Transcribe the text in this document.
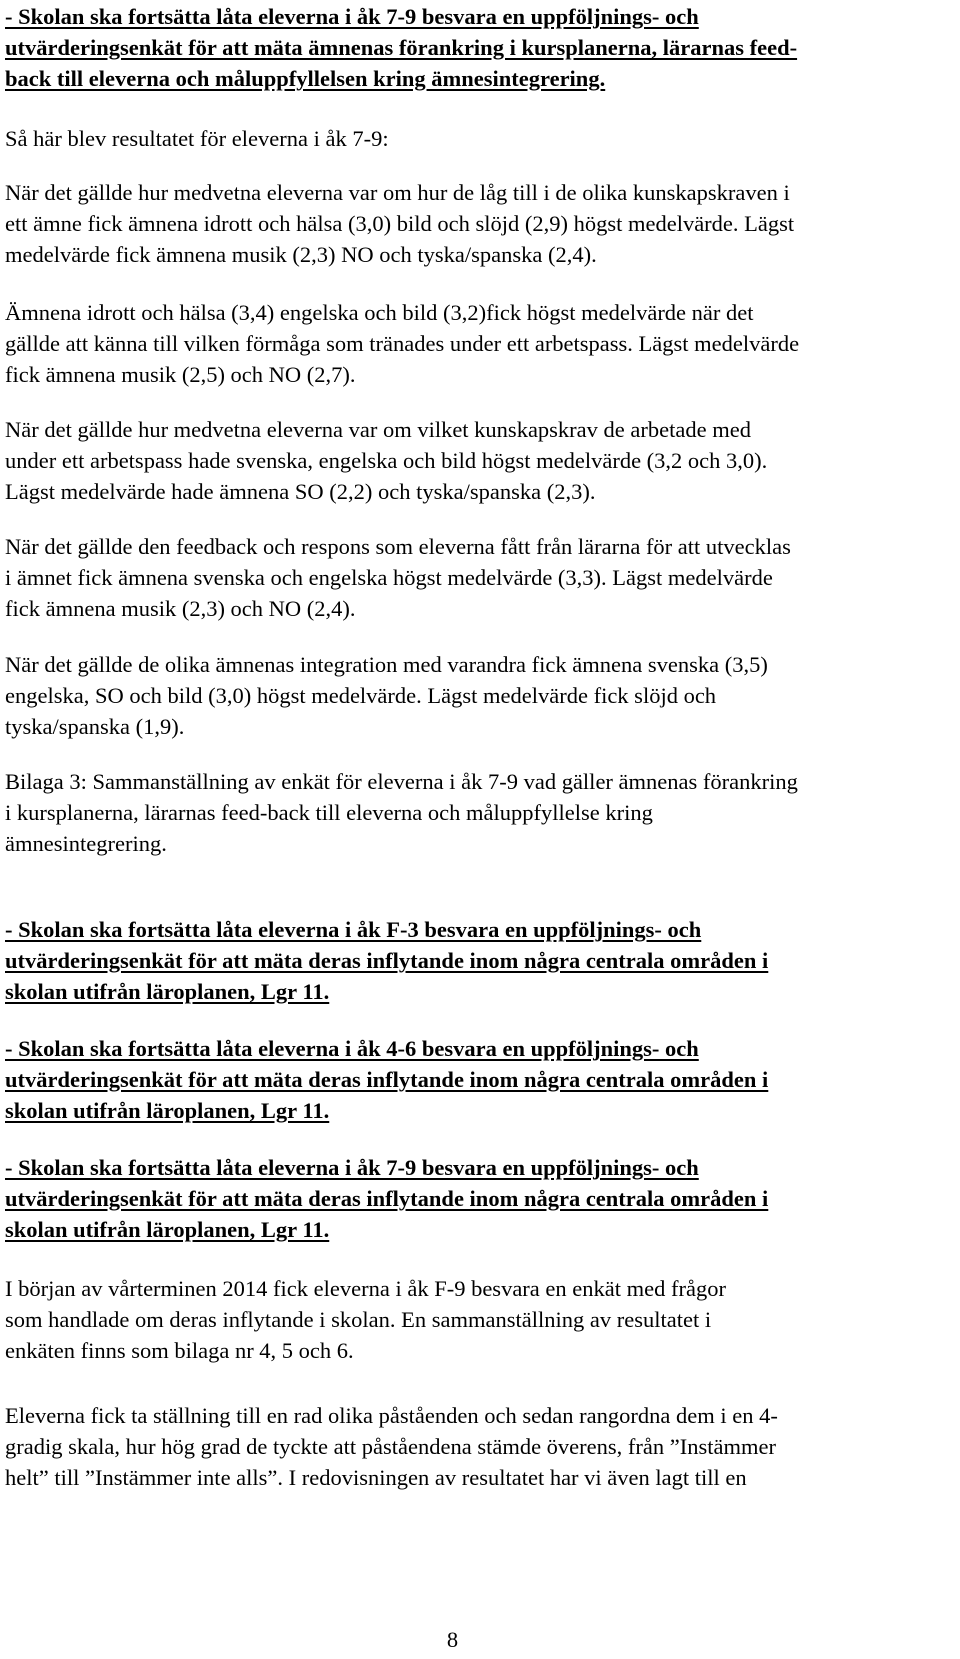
- Skolan ska fortsätta låta eleverna i åk 7-9 besvara en uppföljnings- och
utvärderingsenkät för att mäta ämnenas förankring i kursplanerna, lärarnas feed-
back till eleverna och måluppfyllelsen kring ämnesintegrering.
Så här blev resultatet för eleverna i åk 7-9:
När det gällde hur medvetna eleverna var om hur de låg till i de olika kunskapskraven i
ett ämne fick ämnena idrott och hälsa (3,0) bild och slöjd (2,9) högst medelvärde. Lägst
medelvärde fick ämnena musik (2,3) NO och tyska/spanska (2,4).
Ämnena idrott och hälsa (3,4) engelska och bild (3,2)fick högst medelvärde när det
gällde att känna till vilken förmåga som tränades under ett arbetspass. Lägst medelvärde
fick ämnena musik (2,5) och NO (2,7).
När det gällde hur medvetna eleverna var om vilket kunskapskrav de arbetade med
under ett arbetspass hade svenska, engelska och bild högst medelvärde (3,2 och 3,0).
Lägst medelvärde hade ämnena SO (2,2) och tyska/spanska (2,3).
När det gällde den feedback och respons som eleverna fått från lärarna för att utvecklas
i ämnet fick ämnena svenska och engelska högst medelvärde (3,3). Lägst medelvärde
fick ämnena musik (2,3) och NO (2,4).
När det gällde de olika ämnenas integration med varandra fick ämnena svenska (3,5)
engelska, SO och bild (3,0) högst medelvärde. Lägst medelvärde fick slöjd och
tyska/spanska (1,9).
Bilaga 3: Sammanställning av enkät för eleverna i åk 7-9 vad gäller ämnenas förankring
i kursplanerna, lärarnas feed-back till eleverna och måluppfyllelse kring
ämnesintegrering.
- Skolan ska fortsätta låta eleverna i åk F-3 besvara en uppföljnings- och
utvärderingsenkät för att mäta deras inflytande inom några centrala områden i
skolan utifrån läroplanen, Lgr 11.
- Skolan ska fortsätta låta eleverna i åk 4-6 besvara en uppföljnings- och
utvärderingsenkät för att mäta deras inflytande inom några centrala områden i
skolan utifrån läroplanen, Lgr 11.
- Skolan ska fortsätta låta eleverna i åk 7-9 besvara en uppföljnings- och
utvärderingsenkät för att mäta deras inflytande inom några centrala områden i
skolan utifrån läroplanen, Lgr 11.
I början av vårterminen 2014 fick eleverna i åk F-9 besvara en enkät med frågor
som handlade om deras inflytande i skolan. En sammanställning av resultatet i
enkäten finns som bilaga nr 4, 5 och 6.
Eleverna fick ta ställning till en rad olika påståenden och sedan rangordna dem i en 4-
gradig skala, hur hög grad de tyckte att påståendena stämde överens, från ”Instämmer
helt” till ”Instämmer inte alls”. I redovisningen av resultatet har vi även lagt till en
8
